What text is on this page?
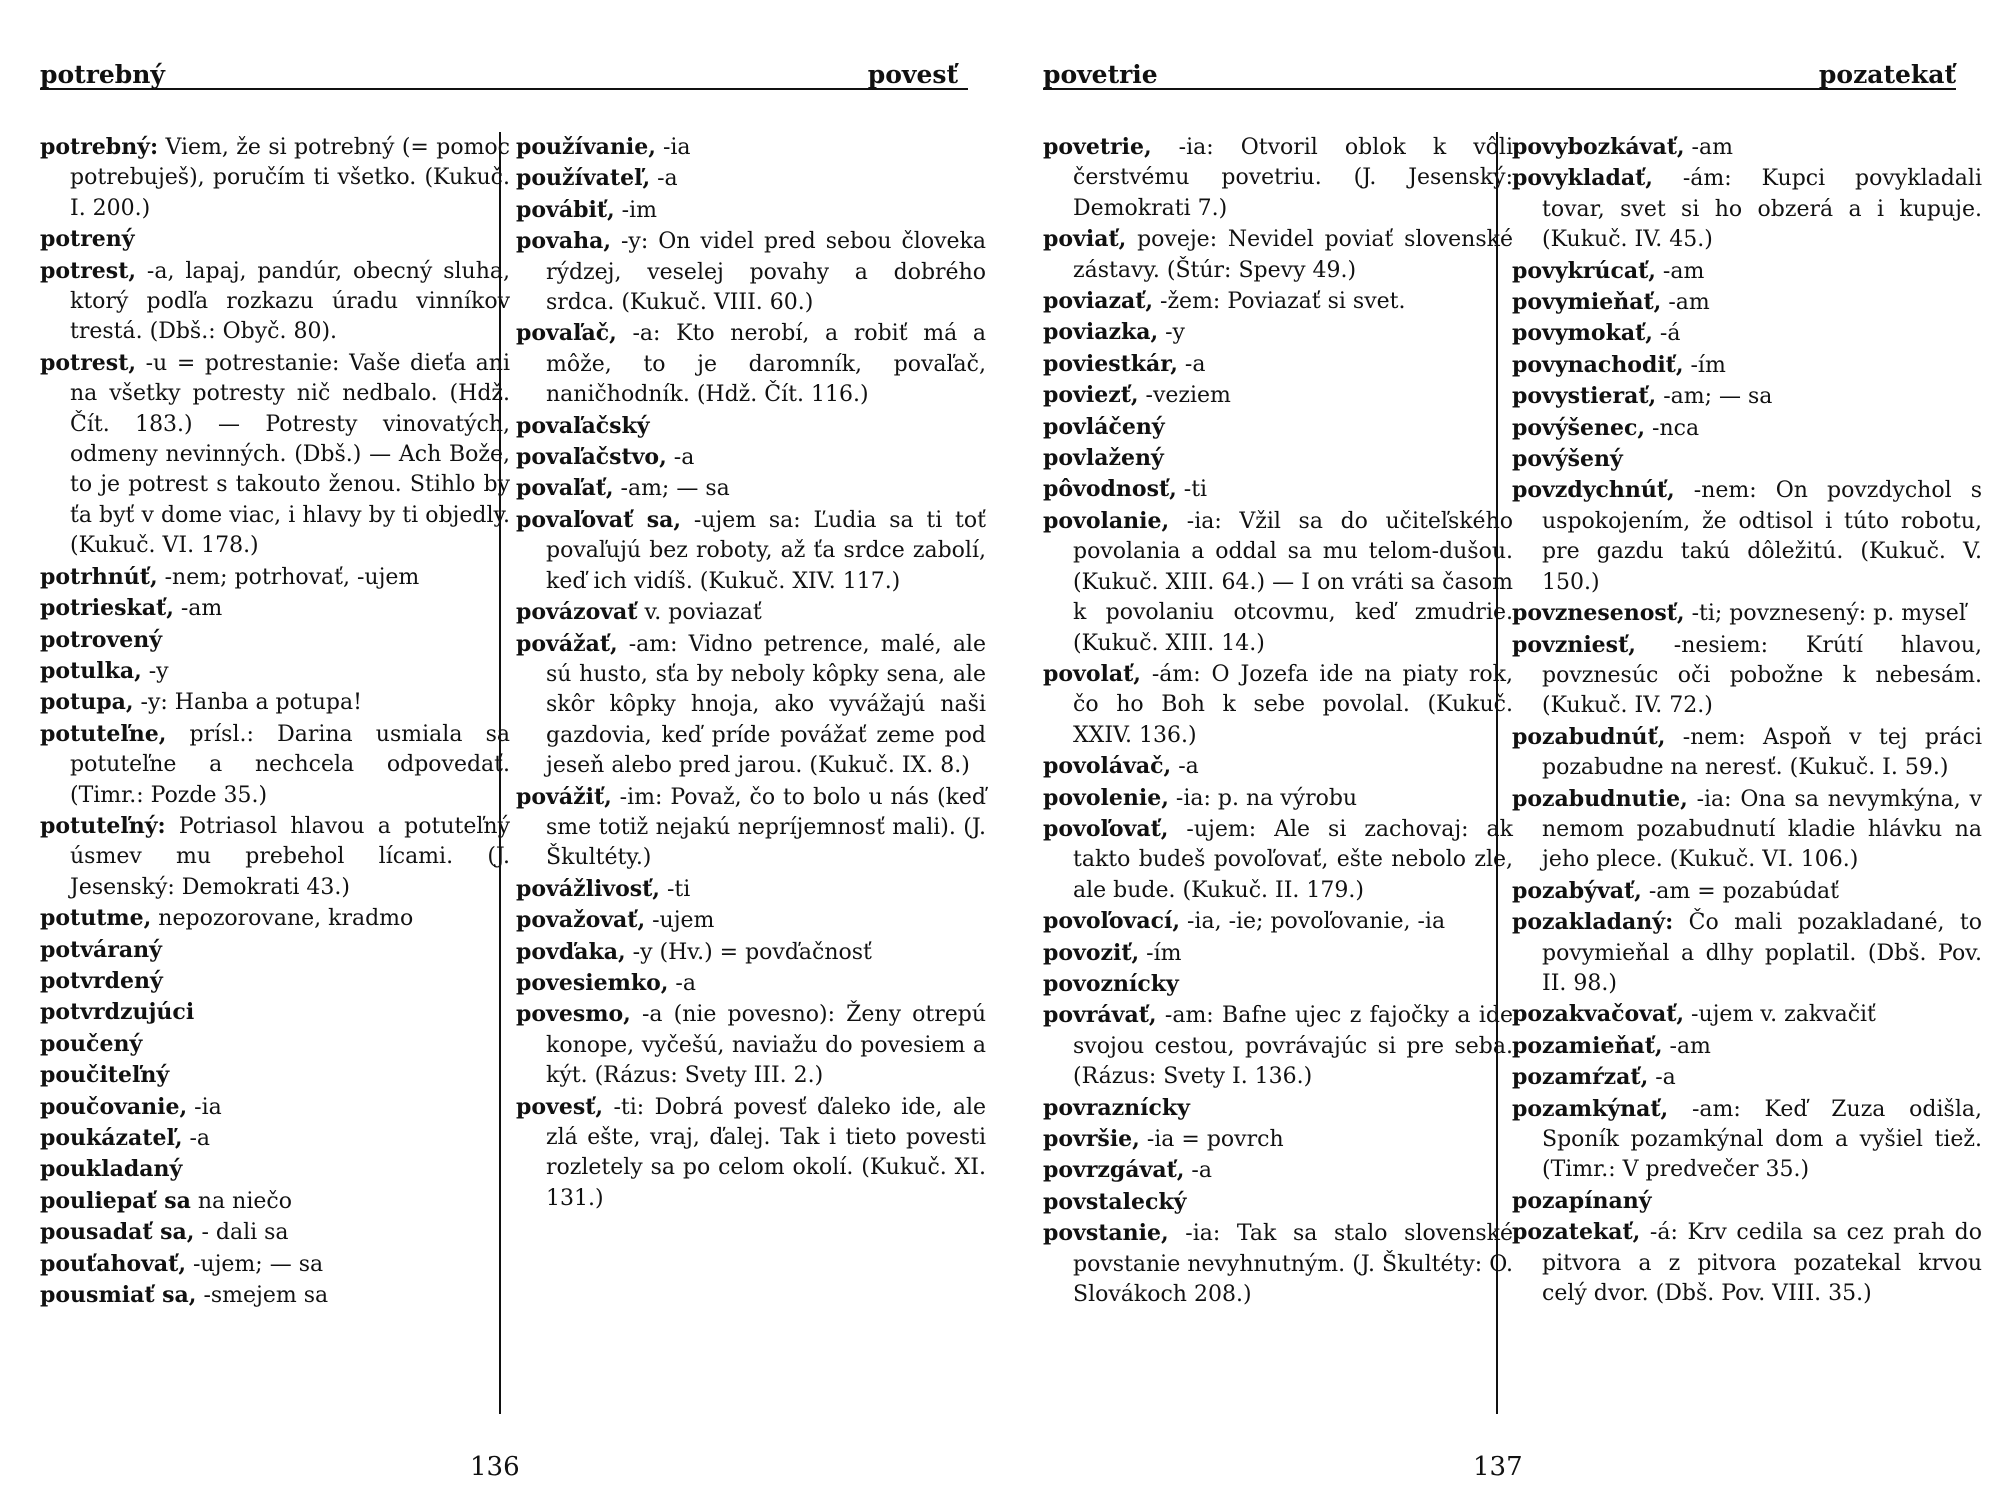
potrebný	povesť

potrebný: Viem, že si potrebný (= pomoc potrebuješ), poručím ti všetko. (Kukuč. I. 200.)

potrený

potrest, -a, lapaj, pandúr, obecný sluha, ktorý podľa rozkazu úradu vinníkov trestá. (Dbš.: Obyč. 80).

potrest, -u = potrestanie: Vaše dieťa ani na všetky potresty nič nedbalo. (Hdž. Čít. 183.) — Potresty vinovatých, odmeny nevinných. (Dbš.) — Ach Bože, to je potrest s takouto ženou. Stihlo by ťa byť v dome viac, i hlavy by ti objedly. (Kukuč. VI. 178.)

potrhnúť, -nem; potrhovať, -ujem

potrieskať, -am

potrovený

potulka, -y

potupa, -y: Hanba a potupa!

potuteľne, prísl.: Darina usmiala sa potuteľne a nechcela odpovedať. (Timr.: Pozde 35.)

potuteľný: Potriasol hlavou a potuteľný úsmev mu prebehol lícami. (J. Jesenský: Demokrati 43.)

potutme, nepozorovane, kradmo

potváraný

potvrdený

potvrdzujúci

poučený

poučiteľný

poučovanie, -ia

poukázateľ, -a

poukladaný

pouliepať sa na niečo

pousadať sa, - dali sa

pouťahovať, -ujem; — sa

pousmiať sa, -smejem sa

používanie, -ia

používateľ, -a

povábiť, -im

povaha, -y: On videl pred sebou človeka rýdzej, veselej povahy a dobrého srdca. (Kukuč. VIII. 60.)

povaľač, -a: Kto nerobí, a robiť má a môže, to je daromník, povaľač, naničhodník. (Hdž. Čít. 116.)

povaľačský

povaľačstvo, -a

povaľať, -am; — sa

povaľovať sa, -ujem sa: Ľudia sa ti toť povaľujú bez roboty, až ťa srdce zabolí, keď ich vidíš. (Kukuč. XIV. 117.)

povázovať v. poviazať

povážať, -am: Vidno petrence, malé, ale sú husto, sťa by neboly kôpky sena, ale skôr kôpky hnoja, ako vyvážajú naši gazdovia, keď príde povážať zeme pod jeseň alebo pred jarou. (Kukuč. IX. 8.)

povážiť, -im: Považ, čo to bolo u nás (keď sme totiž nejakú nepríjemnosť mali). (J. Škultéty.)

povážlivosť, -ti

považovať, -ujem

povďaka, -y (Hv.) = povďačnosť

povesiemko, -a

povesmo, -a (nie povesno): Ženy otrepú konope, vyčešú, naviažu do povesiem a kýt. (Rázus: Svety III. 2.)

povesť, -ti: Dobrá povesť ďaleko ide, ale zlá ešte, vraj, ďalej. Tak i tieto povesti rozletely sa po celom okolí. (Kukuč. XI. 131.)

136
povetrie	pozatekať

povetrie, -ia: Otvoril oblok k vôli čerstvému povetriu. (J. Jesenský: Demokrati 7.)

poviať, poveje: Nevidel poviať slovenské zástavy. (Štúr: Spevy 49.)

poviazať, -žem: Poviazať si svet.

poviazka, -y

poviestkár, -a

poviezť, -veziem

povláčený

povlažený

pôvodnosť, -ti

povolanie, -ia: Vžil sa do učiteľského povolania a oddal sa mu telom-dušou. (Kukuč. XIII. 64.) — I on vráti sa časom k povolaniu otcovmu, keď zmudrie. (Kukuč. XIII. 14.)

povolať, -ám: O Jozefa ide na piaty rok, čo ho Boh k sebe povolal. (Kukuč. XXIV. 136.)

povolávač, -a

povolenie, -ia: p. na výrobu

povoľovať, -ujem: Ale si zachovaj: ak takto budeš povoľovať, ešte nebolo zle, ale bude. (Kukuč. II. 179.)

povoľovací, -ia, -ie; povoľovanie, -ia

povoziť, -ím

povoznícky

povrávať, -am: Bafne ujec z fajočky a ide svojou cestou, povrávajúc si pre seba. (Rázus: Svety I. 136.)

povraznícky

površie, -ia = povrch

povrzgávať, -a

povstalecký

povstanie, -ia: Tak sa stalo slovenské povstanie nevyhnutným. (J. Škultéty: O. Slovákoch 208.)

povybozkávať, -am

povykladať, -ám: Kupci povykladali tovar, svet si ho obzerá a i kupuje. (Kukuč. IV. 45.)

povykrúcať, -am

povymieňať, -am

povymokať, -á

povynachodiť, -ím

povystierať, -am; — sa

povýšenec, -nca

povýšený

povzdychnúť, -nem: On povzdychol s uspokojením, že odtisol i túto robotu, pre gazdu takú dôležitú. (Kukuč. V. 150.)

povznesenosť, -ti; povznesený: p. myseľ

povzniesť, -nesiem: Krútí hlavou, povznesúc oči pobožne k nebesám. (Kukuč. IV. 72.)

pozabudnúť, -nem: Aspoň v tej práci pozabudne na neresť. (Kukuč. I. 59.)

pozabudnutie, -ia: Ona sa nevymkýna, v nemom pozabudnutí kladie hlávku na jeho plece. (Kukuč. VI. 106.)

pozabývať, -am = pozabúdať

pozakladaný: Čo mali pozakladané, to povymieňal a dlhy poplatil. (Dbš. Pov. II. 98.)

pozakvačovať, -ujem v. zakvačiť

pozamieňať, -am

pozamŕzať, -a

pozamkýnať, -am: Keď Zuza odišla, Sponík pozamkýnal dom a vyšiel tiež. (Timr.: V predvečer 35.)

pozapínaný

pozatekať, -á: Krv cedila sa cez prah do pitvora a z pitvora pozatekal krvou celý dvor. (Dbš. Pov. VIII. 35.)

137
